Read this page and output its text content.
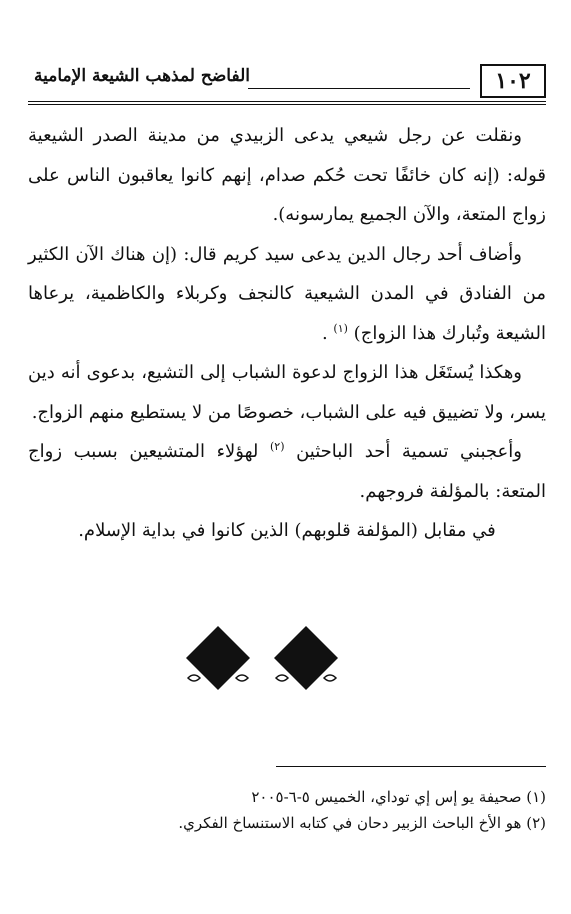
١٠٢
الفاضح لمذهب الشيعة الإمامية

ونقلت عن رجل شيعي يدعى الزبيدي من مدينة الصدر الشيعية قوله: (إنه كان خائفًا تحت حُكم صدام، إنهم كانوا يعاقبون الناس على زواج المتعة، والآن الجميع يمارسونه).

وأضاف أحد رجال الدين يدعى سيد كريم قال: (إن هناك الآن الكثير من الفنادق في المدن الشيعية كالنجف وكربلاء والكاظمية، يرعاها الشيعة وتُبارك هذا الزواج) $^{(١)}$ .

وهكذا يُستَغَل هذا الزواج لدعوة الشباب إلى التشيع، بدعوى أنه دين يسر، ولا تضييق فيه على الشباب، خصوصًا من لا يستطيع منهم الزواج.

وأعجبني تسمية أحد الباحثين $^{(٢)}$ لهؤلاء المتشيعين بسبب زواج المتعة: بالمؤلفة فروجهم.

في مقابل (المؤلفة قلوبهم) الذين كانوا في بداية الإسلام.

(١) صحيفة يو إس إي توداي، الخميس ٥-٦-٢٠٠٥

(٢) هو الأخ الباحث الزبير دحان في كتابه الاستنساخ الفكري.
